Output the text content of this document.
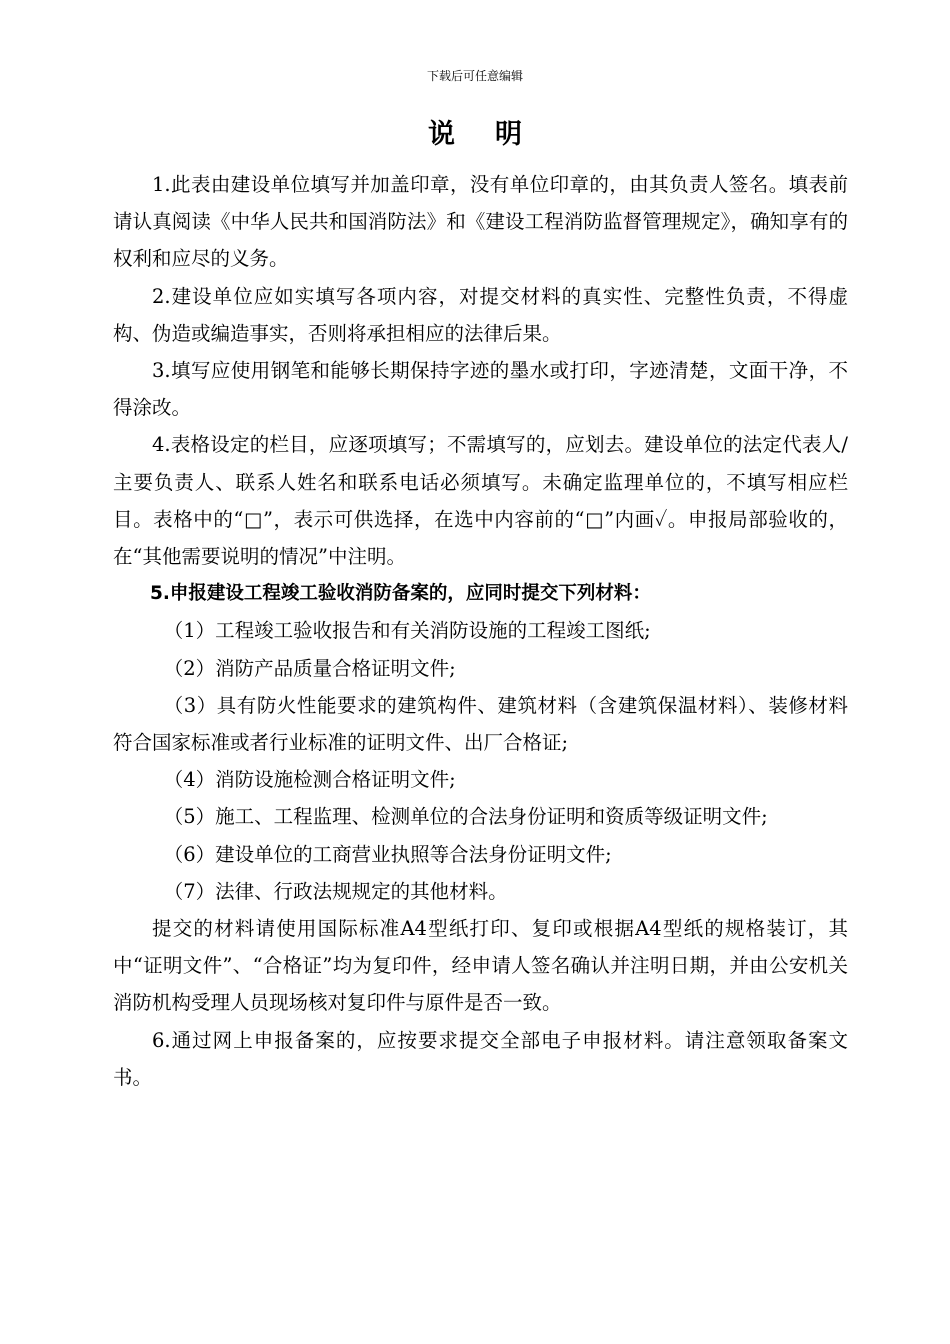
下载后可任意编辑
说明

1.此表由建设单位填写并加盖印章，没有单位印章的，由其负责人签名。填表前请认真阅读《中华人民共和国消防法》和《建设工程消防监督管理规定》，确知享有的权利和应尽的义务。

2.建设单位应如实填写各项内容，对提交材料的真实性、完整性负责，不得虚构、伪造或编造事实，否则将承担相应的法律后果。

3.填写应使用钢笔和能够长期保持字迹的墨水或打印，字迹清楚，文面干净，不得涂改。

4.表格设定的栏目，应逐项填写；不需填写的，应划去。建设单位的法定代表人/主要负责人、联系人姓名和联系电话必须填写。未确定监理单位的，不填写相应栏目。表格中的“□”，表示可供选择，在选中内容前的“□”内画✓。申报局部验收的，在“其他需要说明的情况”中注明。

5.申报建设工程竣工验收消防备案的，应同时提交下列材料：

（1）工程竣工验收报告和有关消防设施的工程竣工图纸;

（2）消防产品质量合格证明文件;

（3）具有防火性能要求的建筑构件、建筑材料（含建筑保温材料）、装修材料符合国家标准或者行业标准的证明文件、出厂合格证;

（4）消防设施检测合格证明文件;

（5）施工、工程监理、检测单位的合法身份证明和资质等级证明文件;

（6）建设单位的工商营业执照等合法身份证明文件;

（7）法律、行政法规规定的其他材料。

提交的材料请使用国际标准A4型纸打印、复印或根据A4型纸的规格装订，其中“证明文件”、“合格证”均为复印件，经申请人签名确认并注明日期，并由公安机关消防机构受理人员现场核对复印件与原件是否一致。

6.通过网上申报备案的，应按要求提交全部电子申报材料。请注意领取备案文书。
